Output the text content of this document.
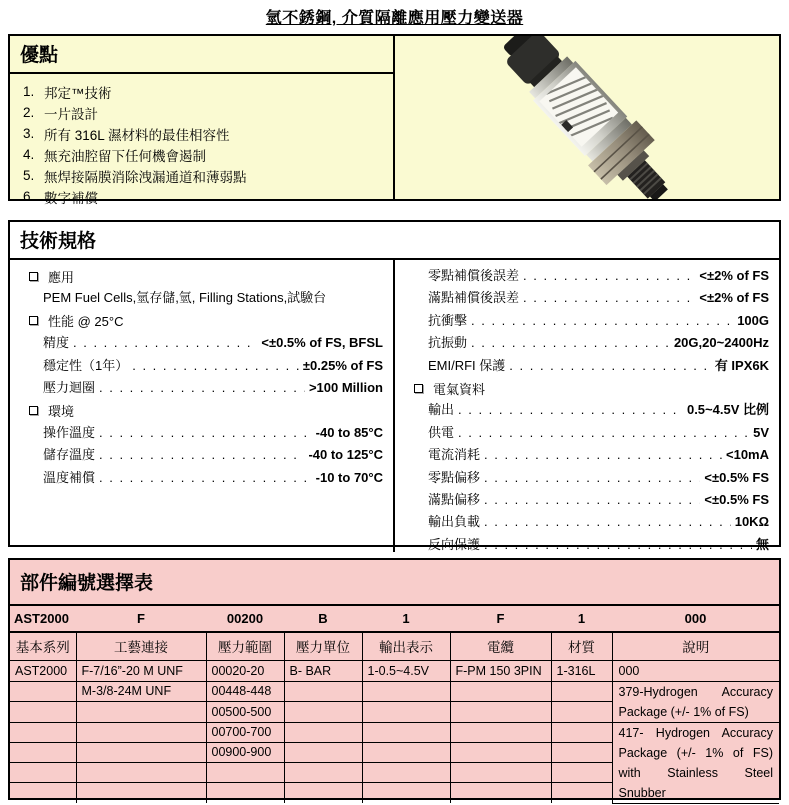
氫不銹鋼, 介質隔離應用壓力變送器
優點
1. 邦定™技術
2. 一片設計
3. 所有 316L 濕材料的最佳相容性
4. 無充油腔留下任何機會遏制
5. 無焊接隔膜消除洩漏通道和薄弱點
6. 數字補償
技術規格
應用
PEM Fuel Cells,氫存儲,氫, Filling Stations,試驗台
性能 @ 25°C
精度 . . .	<±0.5% of FS, BFSL
穩定性（1年） . . .	±0.25% of FS
壓力迴圈 . . .	>100 Million
環境
操作溫度 . . .	-40 to 85°C
儲存溫度 . . .	-40 to 125°C
溫度補償 . . .	-10 to 70°C
零點補償後誤差 . . .	<±2% of FS
滿點補償後誤差 . . .	<±2% of FS
抗衝擊 . . .	100G
抗振動 . . .	20G,20~2400Hz
EMI/RFI 保護 . . .	有 IPX6K
電氣資料
輸出 . . .	0.5~4.5V 比例
供電 . . .	5V
電流消耗 . . .	<10mA
零點偏移 . . .	<±0.5% FS
滿點偏移 . . .	<±0.5% FS
輸出負載 . . .	10KΩ
反向保護 . . .	無
部件編號選擇表
AST2000	F	00200	B	1	F	1	000
基本系列	工藝連接	壓力範圍	壓力單位	輸出表示	電纜	材質	說明
AST2000	F-7/16”-20 M UNF	00020-20	B- BAR	1-0.5~4.5V	F-PM 150 3PIN	1-316L	000
	M-3/8-24M UNF	00448-448					379-Hydrogen Accuracy Package (+/- 1% of FS)
		00500-500					
		00700-700					417- Hydrogen Accuracy Package (+/- 1% of FS) with Stainless Steel Snubber
		00900-900					
